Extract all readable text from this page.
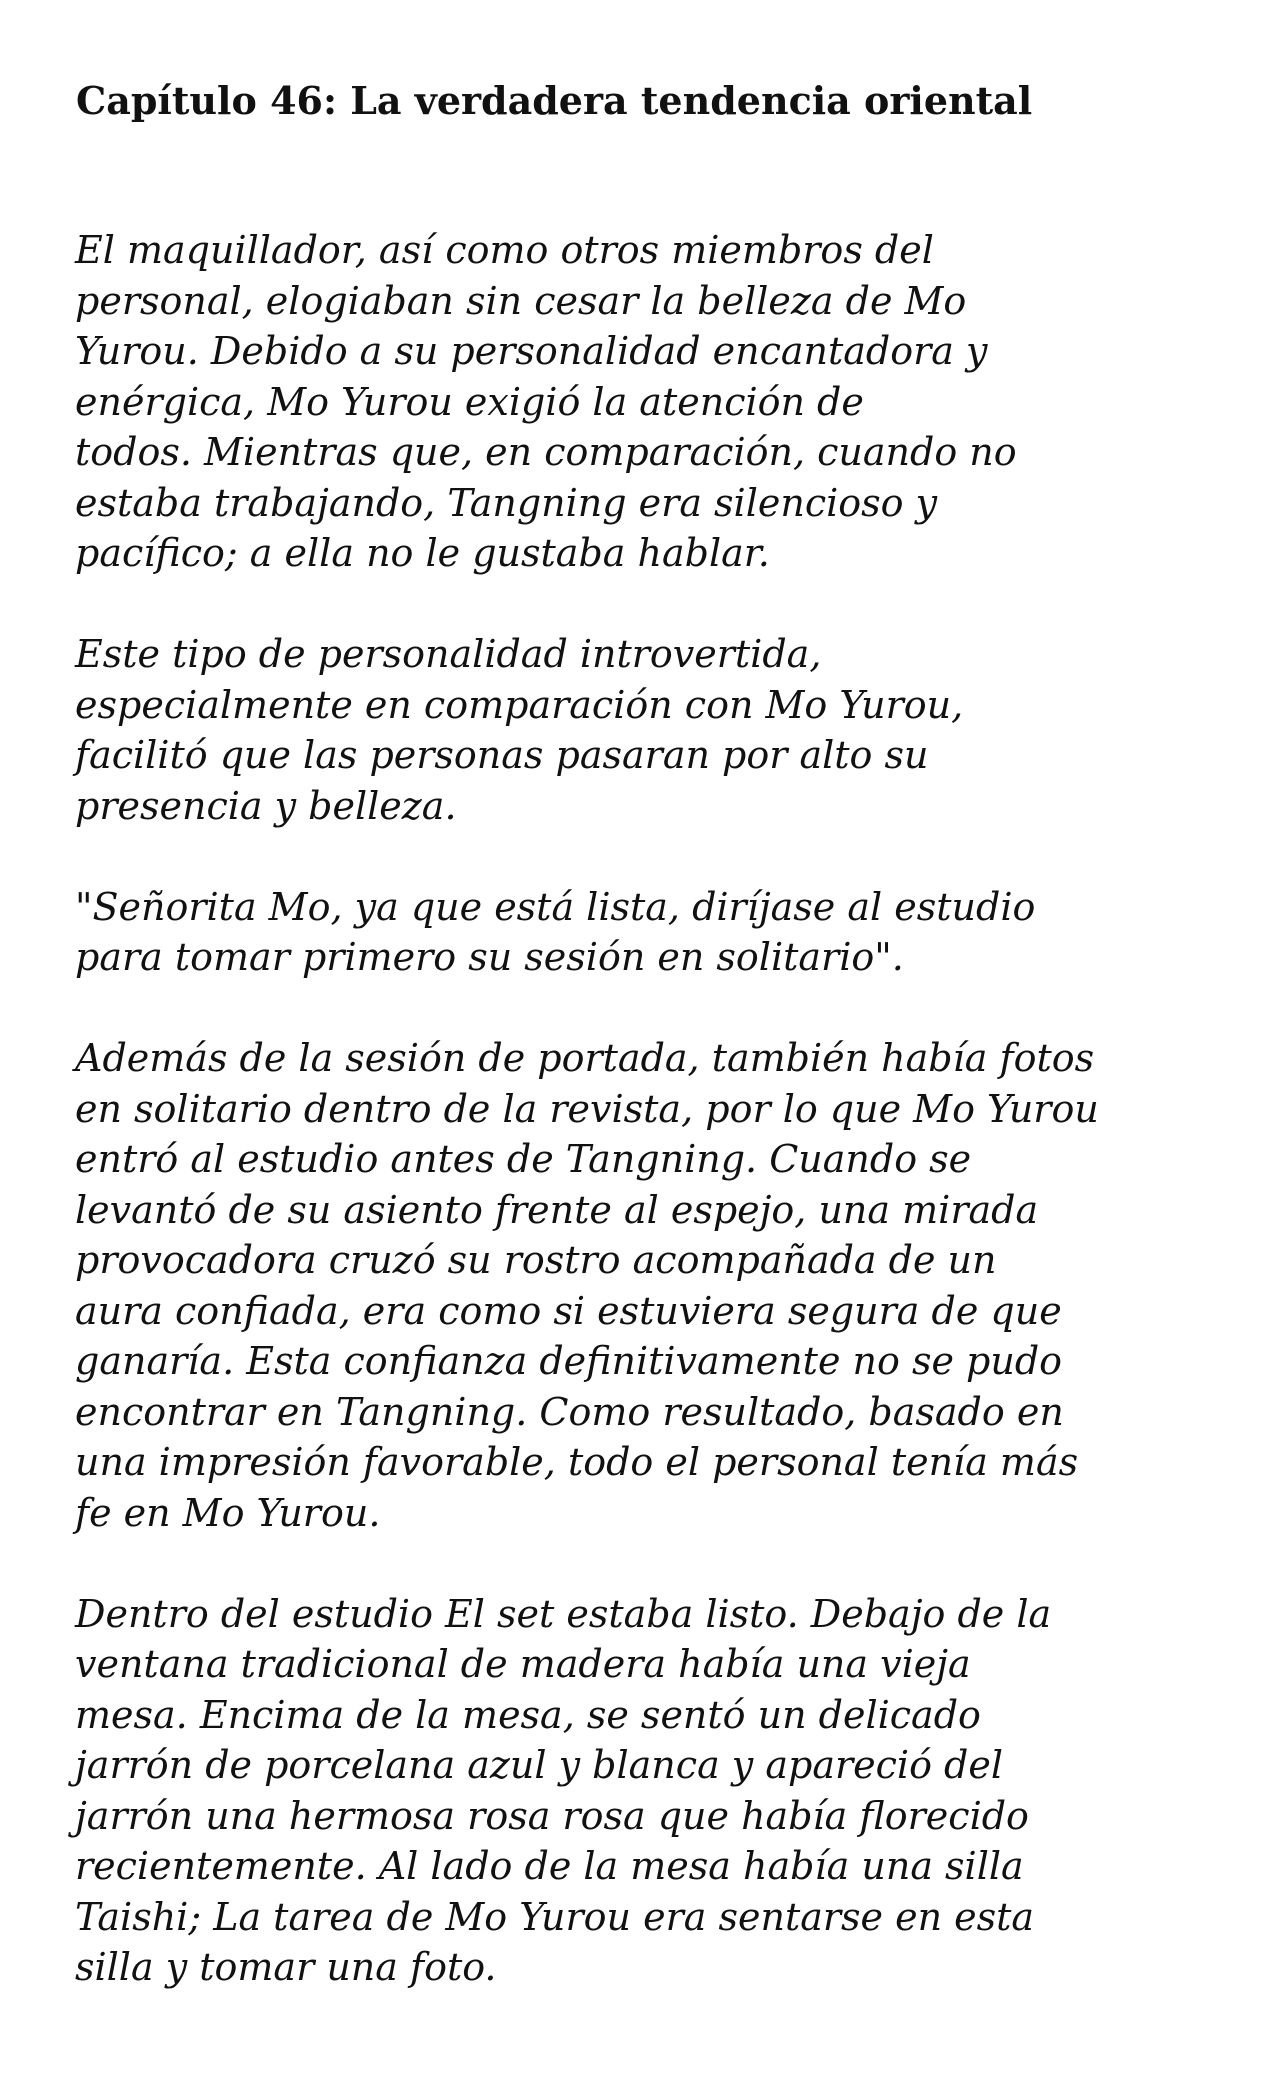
Capítulo 46: La verdadera tendencia oriental

El maquillador, así como otros miembros del
personal, elogiaban sin cesar la belleza de Mo
Yurou. Debido a su personalidad encantadora y
enérgica, Mo Yurou exigió la atención de
todos. Mientras que, en comparación, cuando no
estaba trabajando, Tangning era silencioso y
pacífico; a ella no le gustaba hablar.

Este tipo de personalidad introvertida,
especialmente en comparación con Mo Yurou,
facilitó que las personas pasaran por alto su
presencia y belleza.

"Señorita Mo, ya que está lista, diríjase al estudio
para tomar primero su sesión en solitario".

Además de la sesión de portada, también había fotos
en solitario dentro de la revista, por lo que Mo Yurou
entró al estudio antes de Tangning. Cuando se
levantó de su asiento frente al espejo, una mirada
provocadora cruzó su rostro acompañada de un
aura confiada, era como si estuviera segura de que
ganaría. Esta confianza definitivamente no se pudo
encontrar en Tangning. Como resultado, basado en
una impresión favorable, todo el personal tenía más
fe en Mo Yurou.

Dentro del estudio El set estaba listo. Debajo de la
ventana tradicional de madera había una vieja
mesa. Encima de la mesa, se sentó un delicado
jarrón de porcelana azul y blanca y apareció del
jarrón una hermosa rosa rosa que había florecido
recientemente. Al lado de la mesa había una silla
Taishi; La tarea de Mo Yurou era sentarse en esta
silla y tomar una foto.
